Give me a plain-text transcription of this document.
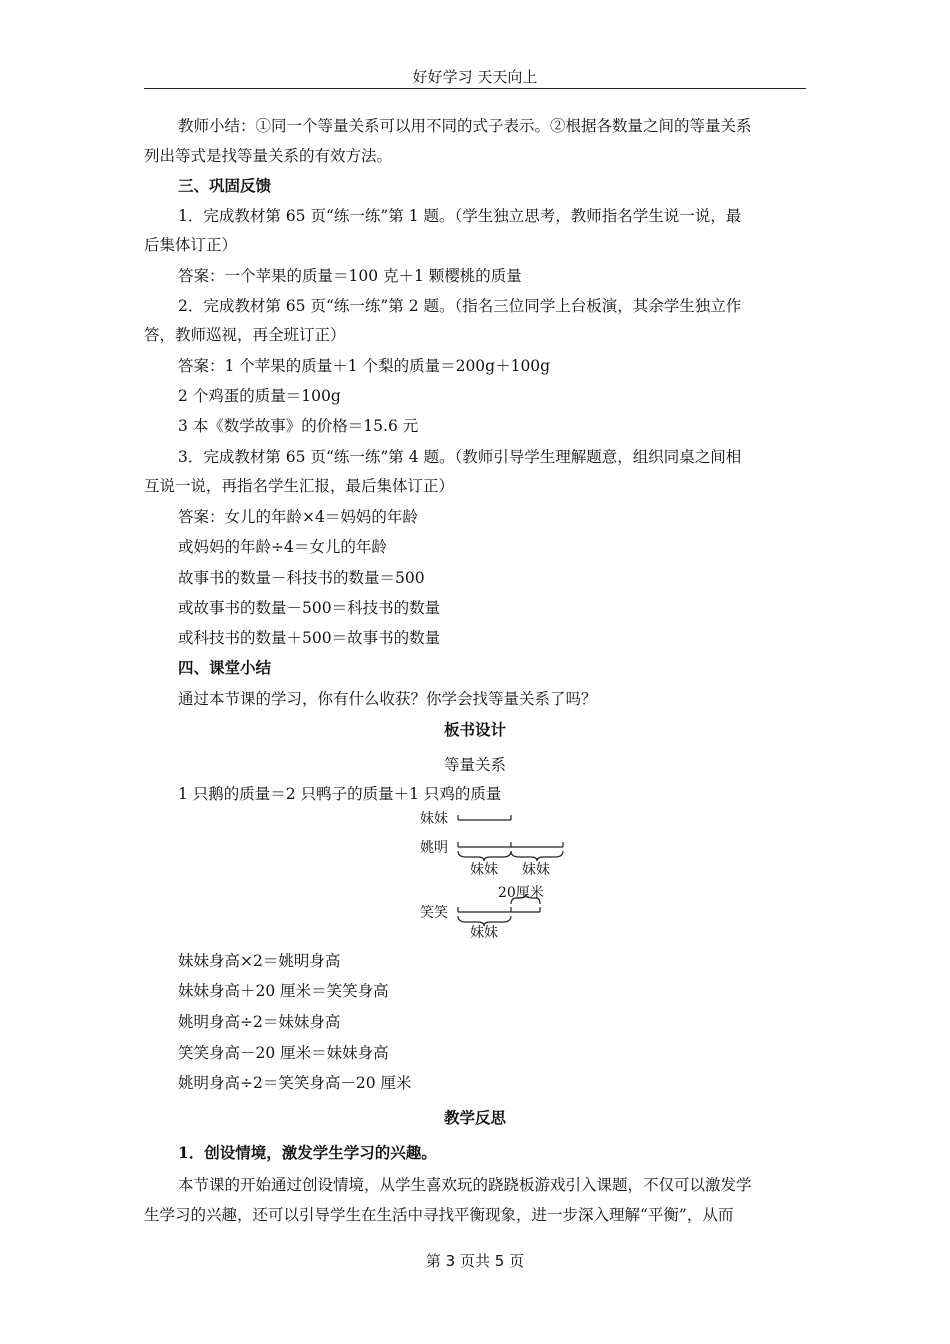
好好学习 天天向上
教师小结：①同一个等量关系可以用不同的式子表示。②根据各数量之间的等量关系
列出等式是找等量关系的有效方法。
三、巩固反馈
1．完成教材第 65 页“练一练”第 1 题。（学生独立思考，教师指名学生说一说，最
后集体订正）
答案：一个苹果的质量＝100 克＋1 颗樱桃的质量
2．完成教材第 65 页“练一练”第 2 题。（指名三位同学上台板演，其余学生独立作
答，教师巡视，再全班订正）
答案：1 个苹果的质量＋1 个梨的质量＝200g＋100g
2 个鸡蛋的质量＝100g
3 本《数学故事》的价格＝15.6 元
3．完成教材第 65 页“练一练”第 4 题。（教师引导学生理解题意，组织同桌之间相
互说一说，再指名学生汇报，最后集体订正）
答案：女儿的年龄×4＝妈妈的年龄
或妈妈的年龄÷4＝女儿的年龄
故事书的数量－科技书的数量＝500
或故事书的数量－500＝科技书的数量
或科技书的数量＋500＝故事书的数量
四、课堂小结
通过本节课的学习，你有什么收获？你学会找等量关系了吗？
板书设计
等量关系
1 只鹅的质量＝2 只鸭子的质量＋1 只鸡的质量
妹妹
姚明
妹妹 妹妹
20厘米
笑笑
妹妹
妹妹身高×2＝姚明身高
妹妹身高＋20 厘米＝笑笑身高
姚明身高÷2＝妹妹身高
笑笑身高－20 厘米＝妹妹身高
姚明身高÷2＝笑笑身高－20 厘米
教学反思
1．创设情境，激发学生学习的兴趣。
本节课的开始通过创设情境，从学生喜欢玩的跷跷板游戏引入课题，不仅可以激发学
生学习的兴趣，还可以引导学生在生活中寻找平衡现象，进一步深入理解“平衡”，从而
第 3 页共 5 页
